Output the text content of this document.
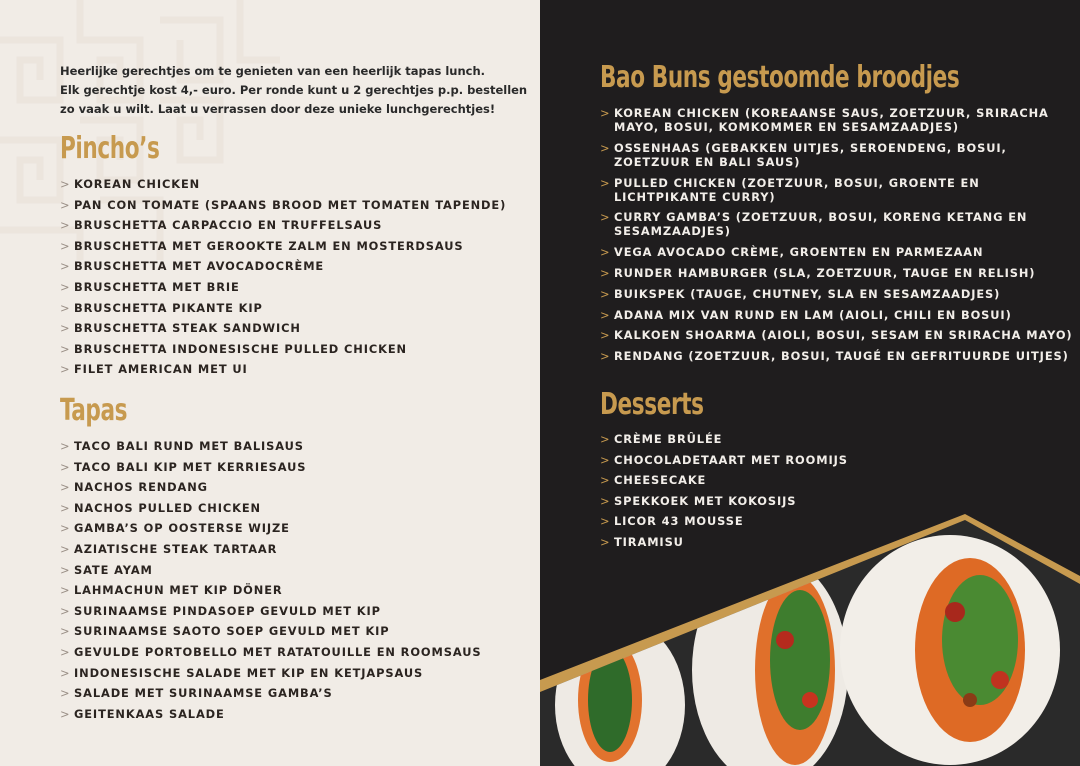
Heerlijke gerechtjes om te genieten van een heerlijk tapas lunch.
Elk gerechtje kost 4,- euro. Per ronde kunt u 2 gerechtjes p.p. bestellen
zo vaak u wilt. Laat u verrassen door deze unieke lunchgerechtjes!
Pincho’s
> KOREAN CHICKEN
> PAN CON TOMATE (SPAANS BROOD MET TOMATEN TAPENDE)
> BRUSCHETTA CARPACCIO EN TRUFFELSAUS
> BRUSCHETTA MET GEROOKTE ZALM EN MOSTERDSAUS
> BRUSCHETTA MET AVOCADOCRÈME
> BRUSCHETTA MET BRIE
> BRUSCHETTA PIKANTE KIP
> BRUSCHETTA STEAK SANDWICH
> BRUSCHETTA INDONESISCHE PULLED CHICKEN
> FILET AMERICAN MET UI
Tapas
> TACO BALI RUND MET BALISAUS
> TACO BALI KIP MET KERRIESAUS
> NACHOS RENDANG
> NACHOS PULLED CHICKEN
> GAMBA’S OP OOSTERSE WIJZE
> AZIATISCHE STEAK TARTAAR
> SATE AYAM
> LAHMACHUN MET KIP DÖNER
> SURINAAMSE PINDASOEP GEVULD MET KIP
> SURINAAMSE SAOTO SOEP GEVULD MET KIP
> GEVULDE PORTOBELLO MET RATATOUILLE EN ROOMSAUS
> INDONESISCHE SALADE MET KIP EN KETJAPSAUS
> SALADE MET SURINAAMSE GAMBA’S
> GEITENKAAS SALADE
Bao Buns gestoomde broodjes
> KOREAN CHICKEN (KOREAANSE SAUS, ZOETZUUR, SRIRACHA
MAYO, BOSUI, KOMKOMMER EN SESAMZAADJES)
> OSSENHAAS (GEBAKKEN UITJES, SEROENDENG, BOSUI,
ZOETZUUR EN BALI SAUS)
> PULLED CHICKEN (ZOETZUUR, BOSUI, GROENTE EN
LICHTPIKANTE CURRY)
> CURRY GAMBA’S (ZOETZUUR, BOSUI, KORENG KETANG EN
SESAMZAADJES)
> VEGA AVOCADO CRÈME, GROENTEN EN PARMEZAAN
> RUNDER HAMBURGER (SLA, ZOETZUUR, TAUGE EN RELISH)
> BUIKSPEK (TAUGE, CHUTNEY, SLA EN SESAMZAADJES)
> ADANA MIX VAN RUND EN LAM (AIOLI, CHILI EN BOSUI)
> KALKOEN SHOARMA (AIOLI, BOSUI, SESAM EN SRIRACHA MAYO)
> RENDANG (ZOETZUUR, BOSUI, TAUGÉ EN GEFRITUURDE UITJES)
Desserts
> CRÈME BRÛLÉE
> CHOCOLADETAART MET ROOMIJS
> CHEESECAKE
> SPEKKOEK MET KOKOSIJS
> LICOR 43 MOUSSE
> TIRAMISU
